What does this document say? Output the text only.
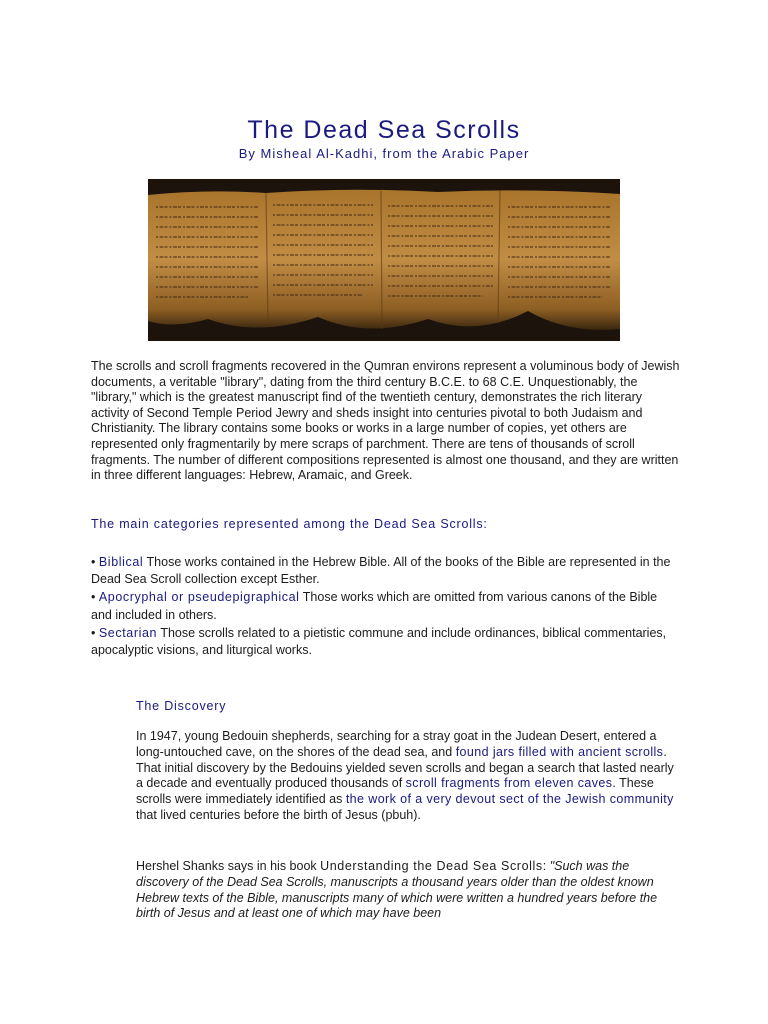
The Dead Sea Scrolls

By Misheal Al-Kadhi, from the Arabic Paper

The scrolls and scroll fragments recovered in the Qumran environs represent a voluminous body of Jewish documents, a veritable "library", dating from the third century B.C.E. to 68 C.E. Unquestionably, the "library," which is the greatest manuscript find of the twentieth century, demonstrates the rich literary activity of Second Temple Period Jewry and sheds insight into centuries pivotal to both Judaism and Christianity. The library contains some books or works in a large number of copies, yet others are represented only fragmentarily by mere scraps of parchment. There are tens of thousands of scroll fragments. The number of different compositions represented is almost one thousand, and they are written in three different languages: Hebrew, Aramaic, and Greek.

The main categories represented among the Dead Sea Scrolls:

• Biblical Those works contained in the Hebrew Bible. All of the books of the Bible are represented in the Dead Sea Scroll collection except Esther.
• Apocryphal or pseudepigraphical Those works which are omitted from various canons of the Bible and included in others.
• Sectarian Those scrolls related to a pietistic commune and include ordinances, biblical commentaries, apocalyptic visions, and liturgical works.

The Discovery

In 1947, young Bedouin shepherds, searching for a stray goat in the Judean Desert, entered a long-untouched cave, on the shores of the dead sea, and found jars filled with ancient scrolls. That initial discovery by the Bedouins yielded seven scrolls and began a search that lasted nearly a decade and eventually produced thousands of scroll fragments from eleven caves. These scrolls were immediately identified as the work of a very devout sect of the Jewish community that lived centuries before the birth of Jesus (pbuh).

Hershel Shanks says in his book Understanding the Dead Sea Scrolls: "Such was the discovery of the Dead Sea Scrolls, manuscripts a thousand years older than the oldest known Hebrew texts of the Bible, manuscripts many of which were written a hundred years before the birth of Jesus and at least one of which may have been
